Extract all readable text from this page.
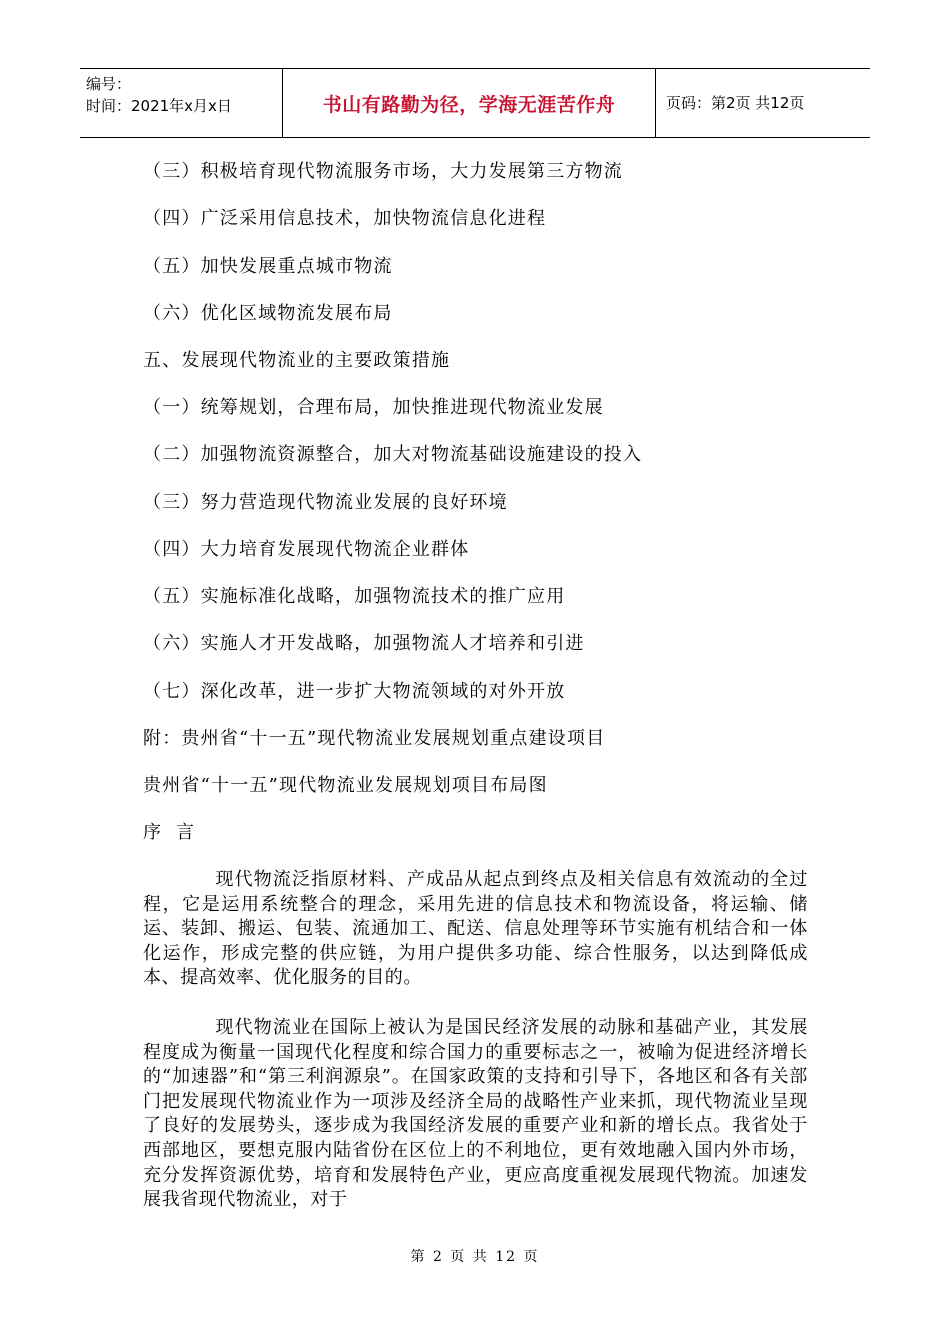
编号：
时间：2021年x月x日	书山有路勤为径，学海无涯苦作舟	页码：第2页 共12页
（三）积极培育现代物流服务市场，大力发展第三方物流
（四）广泛采用信息技术，加快物流信息化进程
（五）加快发展重点城市物流
（六）优化区域物流发展布局
五、发展现代物流业的主要政策措施
（一）统筹规划，合理布局，加快推进现代物流业发展
（二）加强物流资源整合，加大对物流基础设施建设的投入
（三）努力营造现代物流业发展的良好环境
（四）大力培育发展现代物流企业群体
（五）实施标准化战略，加强物流技术的推广应用
（六）实施人才开发战略，加强物流人才培养和引进
（七）深化改革，进一步扩大物流领域的对外开放
附：贵州省“十一五”现代物流业发展规划重点建设项目
贵州省“十一五”现代物流业发展规划项目布局图
序  言
现代物流泛指原材料、产成品从起点到终点及相关信息有效流动的全过程，它是运用系统整合的理念，采用先进的信息技术和物流设备，将运输、储运、装卸、搬运、包装、流通加工、配送、信息处理等环节实施有机结合和一体化运作，形成完整的供应链，为用户提供多功能、综合性服务，以达到降低成本、提高效率、优化服务的目的。
现代物流业在国际上被认为是国民经济发展的动脉和基础产业，其发展程度成为衡量一国现代化程度和综合国力的重要标志之一，被喻为促进经济增长的“加速器”和“第三利润源泉”。在国家政策的支持和引导下，各地区和各有关部门把发展现代物流业作为一项涉及经济全局的战略性产业来抓，现代物流业呈现了良好的发展势头，逐步成为我国经济发展的重要产业和新的增长点。我省处于西部地区，要想克服内陆省份在区位上的不利地位，更有效地融入国内外市场，充分发挥资源优势，培育和发展特色产业，更应高度重视发展现代物流。加速发展我省现代物流业，对于
第 2 页 共 12 页
